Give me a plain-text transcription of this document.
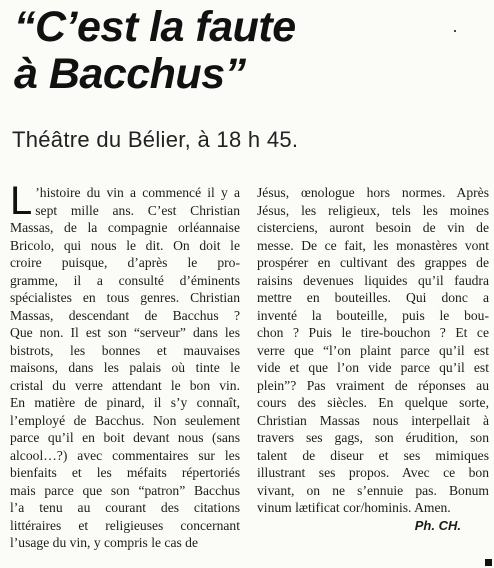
“C’est la faute
à Bacchus”
Théâtre du Bélier, à 18 h 45.
L ’histoire du vin a commencé il y a
sept mille ans. C’est Christian
Massas, de la compagnie orléannaise
Bricolo, qui nous le dit. On doit le
croire puisque, d’après le pro-
gramme, il a consulté d’éminents
spécialistes en tous genres. Christian
Massas, descendant de Bacchus ?
Que non. Il est son “serveur” dans les
bistrots, les bonnes et mauvaises
maisons, dans les palais où tinte le
cristal du verre attendant le bon vin.
En matière de pinard, il s’y connaît,
l’employé de Bacchus. Non seulement
parce qu’il en boit devant nous (sans
alcool…?) avec commentaires sur les
bienfaits et les méfaits répertoriés
mais parce que son “patron” Bacchus
l’a tenu au courant des citations
littéraires et religieuses concernant
l’usage du vin, y compris le cas de
Jésus, œnologue hors normes. Après
Jésus, les religieux, tels les moines
cisterciens, auront besoin de vin de
messe. De ce fait, les monastères vont
prospérer en cultivant des grappes de
raisins devenues liquides qu’il faudra
mettre en bouteilles. Qui donc a
inventé la bouteille, puis le bou-
chon ? Puis le tire-bouchon ? Et ce
verre que “l’on plaint parce qu’il est
vide et que l’on vide parce qu’il est
plein”? Pas vraiment de réponses au
cours des siècles. En quelque sorte,
Christian Massas nous interpellait à
travers ses gags, son érudition, son
talent de diseur et ses mimiques
illustrant ses propos. Avec ce bon
vivant, on ne s’ennuie pas. Bonum
vinum lætificat cor/hominis. Amen.
Ph. CH.
